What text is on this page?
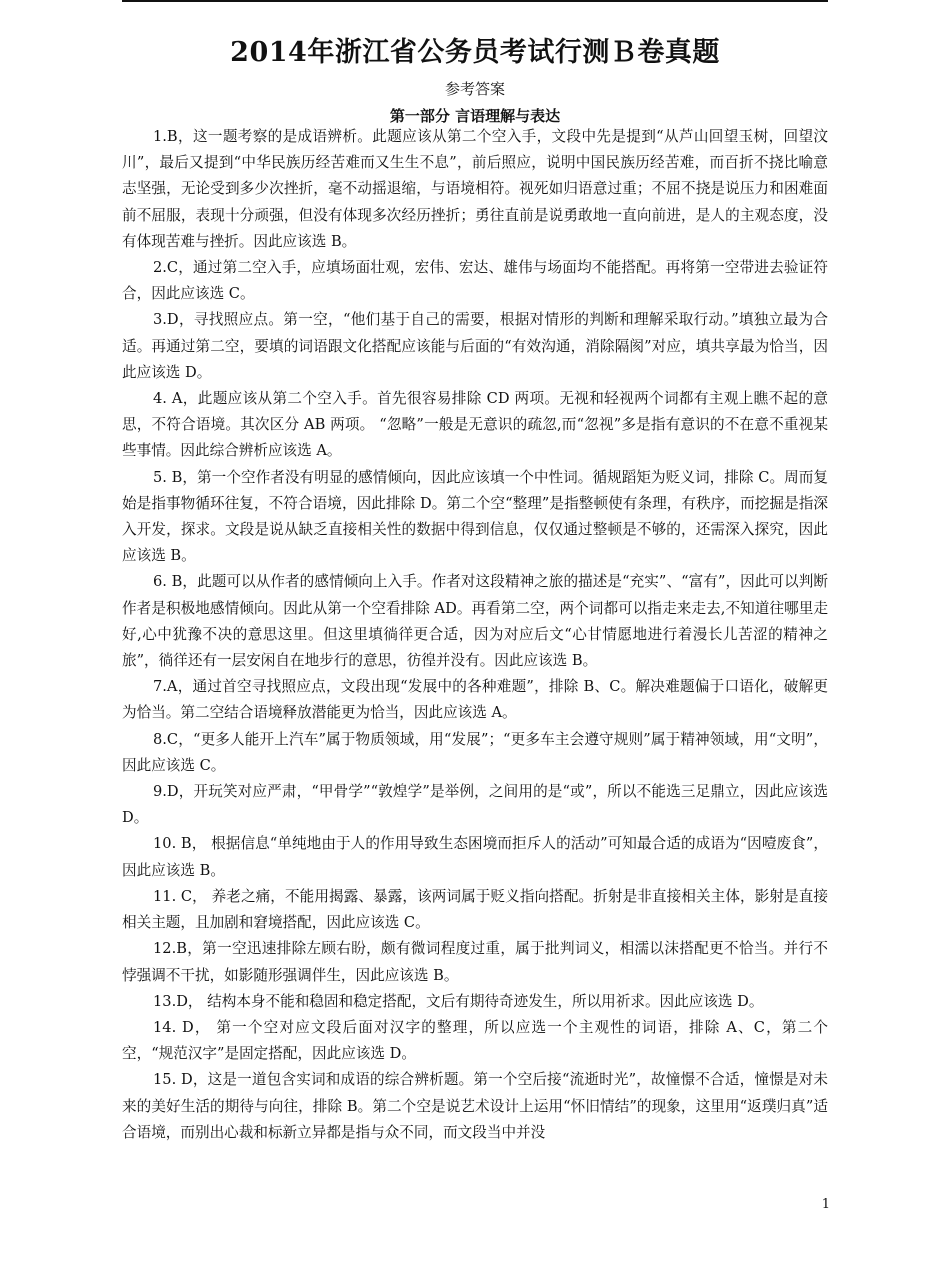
2014年浙江省公务员考试行测Ｂ卷真题
参考答案
第一部分 言语理解与表达

1.B，这一题考察的是成语辨析。此题应该从第二个空入手，文段中先是提到“从芦山回望玉树，回望汶川”，最后又提到“中华民族历经苦难而又生生不息”，前后照应，说明中国民族历经苦难，而百折不挠比喻意志坚强，无论受到多少次挫折，毫不动摇退缩，与语境相符。视死如归语意过重；不屈不挠是说压力和困难面前不屈服，表现十分顽强，但没有体现多次经历挫折；勇往直前是说勇敢地一直向前进，是人的主观态度，没有体现苦难与挫折。因此应该选 B。

2.C，通过第二空入手，应填场面壮观，宏伟、宏达、雄伟与场面均不能搭配。再将第一空带进去验证符合，因此应该选 C。

3.D，寻找照应点。第一空，“他们基于自己的需要，根据对情形的判断和理解采取行动。”填独立最为合适。再通过第二空，要填的词语跟文化搭配应该能与后面的“有效沟通，消除隔阂”对应，填共享最为恰当，因此应该选 D。

4. A，此题应该从第二个空入手。首先很容易排除 CD 两项。无视和轻视两个词都有主观上瞧不起的意思，不符合语境。其次区分 AB 两项。 “忽略”一般是无意识的疏忽,而“忽视”多是指有意识的不在意不重视某些事情。因此综合辨析应该选 A。

5. B，第一个空作者没有明显的感情倾向，因此应该填一个中性词。循规蹈矩为贬义词，排除 C。周而复始是指事物循环往复，不符合语境，因此排除 D。第二个空“整理”是指整顿使有条理，有秩序，而挖掘是指深入开发，探求。文段是说从缺乏直接相关性的数据中得到信息，仅仅通过整顿是不够的，还需深入探究，因此应该选 B。

6. B，此题可以从作者的感情倾向上入手。作者对这段精神之旅的描述是“充实”、“富有”，因此可以判断作者是积极地感情倾向。因此从第一个空看排除 AD。再看第二空，两个词都可以指走来走去,不知道往哪里走好,心中犹豫不决的意思这里。但这里填徜徉更合适，因为对应后文“心甘情愿地进行着漫长儿苦涩的精神之旅”，徜徉还有一层安闲自在地步行的意思，彷徨并没有。因此应该选 B。

7.A，通过首空寻找照应点，文段出现“发展中的各种难题”，排除 B、C。解决难题偏于口语化，破解更为恰当。第二空结合语境释放潜能更为恰当，因此应该选 A。

8.C，“更多人能开上汽车”属于物质领域，用“发展”；“更多车主会遵守规则”属于精神领域，用“文明”，因此应该选 C。

9.D，开玩笑对应严肃，“甲骨学”“敦煌学”是举例，之间用的是“或”，所以不能选三足鼎立，因此应该选 D。

10. B， 根据信息“单纯地由于人的作用导致生态困境而拒斥人的活动”可知最合适的成语为“因噎废食”，因此应该选 B。

11. C， 养老之痛，不能用揭露、暴露，该两词属于贬义指向搭配。折射是非直接相关主体，影射是直接相关主题，且加剧和窘境搭配，因此应该选 C。

12.B，第一空迅速排除左顾右盼，颇有微词程度过重，属于批判词义，相濡以沫搭配更不恰当。并行不悖强调不干扰，如影随形强调伴生，因此应该选 B。

13.D， 结构本身不能和稳固和稳定搭配，文后有期待奇迹发生，所以用祈求。因此应该选 D。

14. D， 第一个空对应文段后面对汉字的整理，所以应选一个主观性的词语，排除 A、C，第二个空，“规范汉字”是固定搭配，因此应该选 D。

15. D，这是一道包含实词和成语的综合辨析题。第一个空后接“流逝时光”，故憧憬不合适，憧憬是对未来的美好生活的期待与向往，排除 B。第二个空是说艺术设计上运用“怀旧情结”的现象，这里用“返璞归真”适合语境，而别出心裁和标新立异都是指与众不同，而文段当中并没

1
